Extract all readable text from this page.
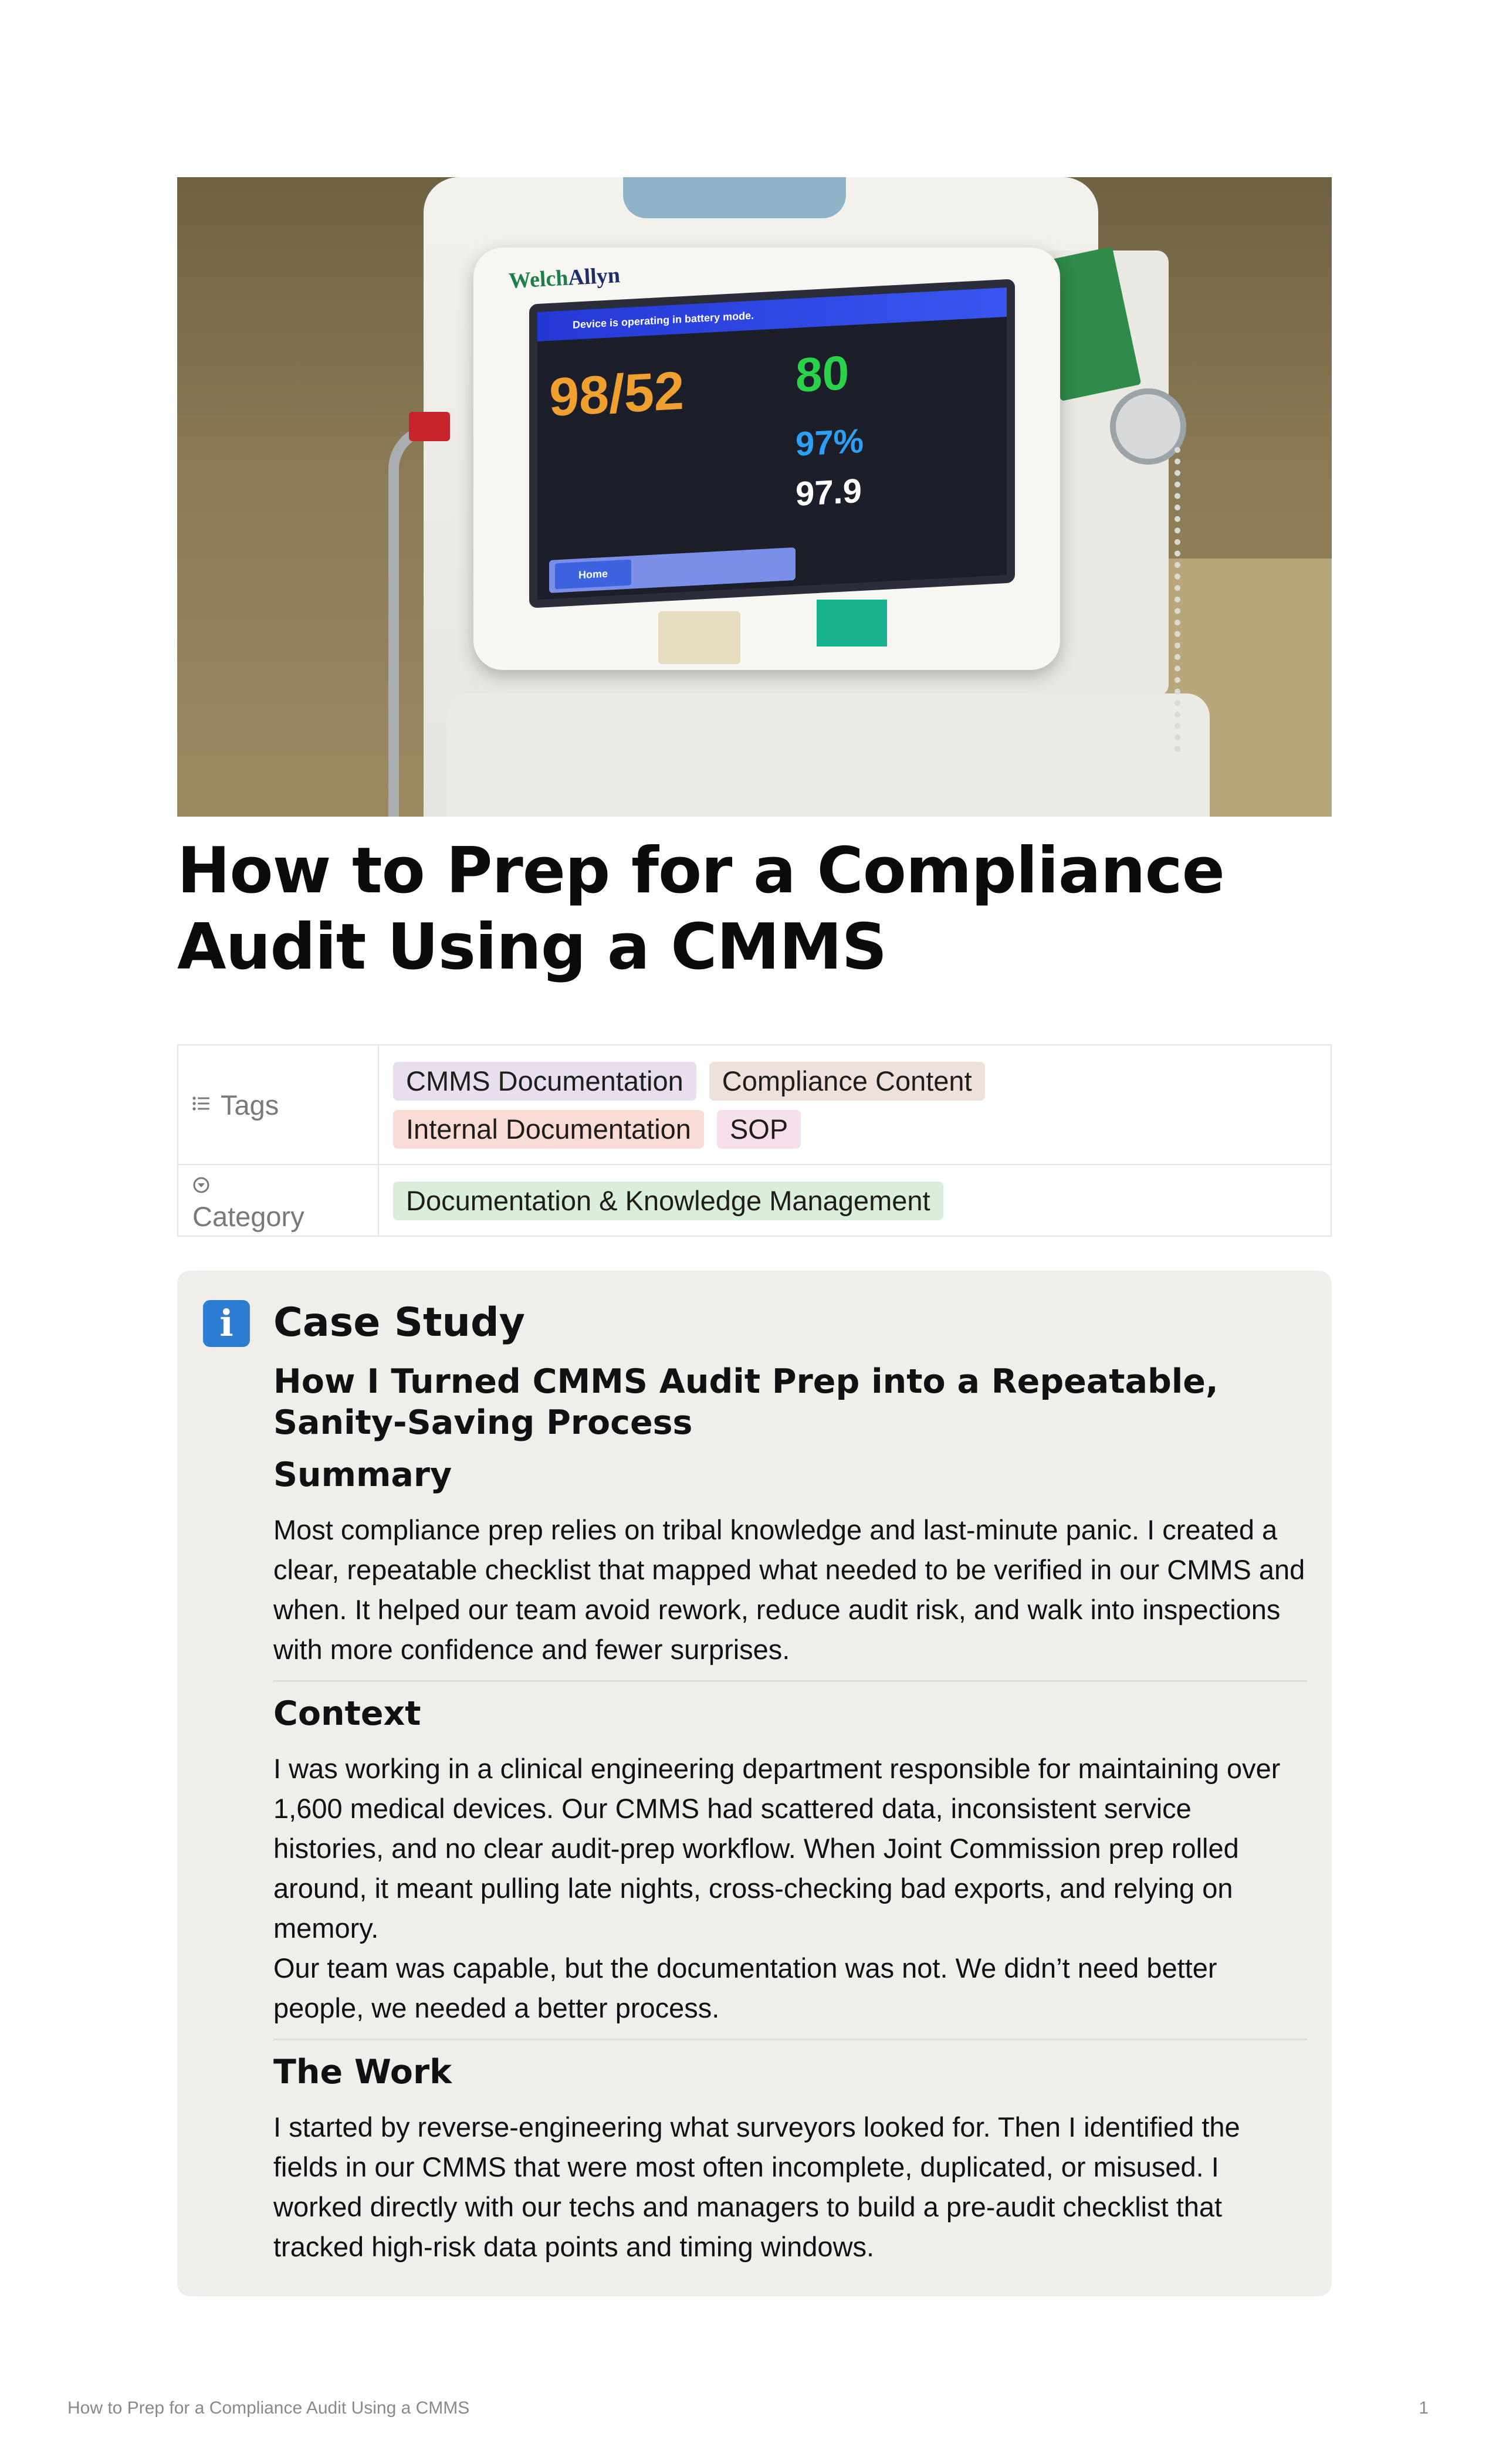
WelchAllyn
Device is operating in battery mode.
98/52 80
97%
97.9
Home
How to Prep for a Compliance Audit Using a CMMS
Tags	CMMS Documentation Compliance Content
Internal Documentation SOP

Category	Documentation & Knowledge Management
i	Case Study
How I Turned CMMS Audit Prep into a Repeatable, Sanity-Saving Process
Summary

Most compliance prep relies on tribal knowledge and last-minute panic. I created a clear, repeatable checklist that mapped what needed to be verified in our CMMS and when. It helped our team avoid rework, reduce audit risk, and walk into inspections with more confidence and fewer surprises.

Context

I was working in a clinical engineering department responsible for maintaining over 1,600 medical devices. Our CMMS had scattered data, inconsistent service histories, and no clear audit-prep workflow. When Joint Commission prep rolled around, it meant pulling late nights, cross-checking bad exports, and relying on memory.

Our team was capable, but the documentation was not. We didn’t need better people, we needed a better process.

The Work

I started by reverse-engineering what surveyors looked for. Then I identified the fields in our CMMS that were most often incomplete, duplicated, or misused. I worked directly with our techs and managers to build a pre-audit checklist that tracked high-risk data points and timing windows.

How to Prep for a Compliance Audit Using a CMMS	1
